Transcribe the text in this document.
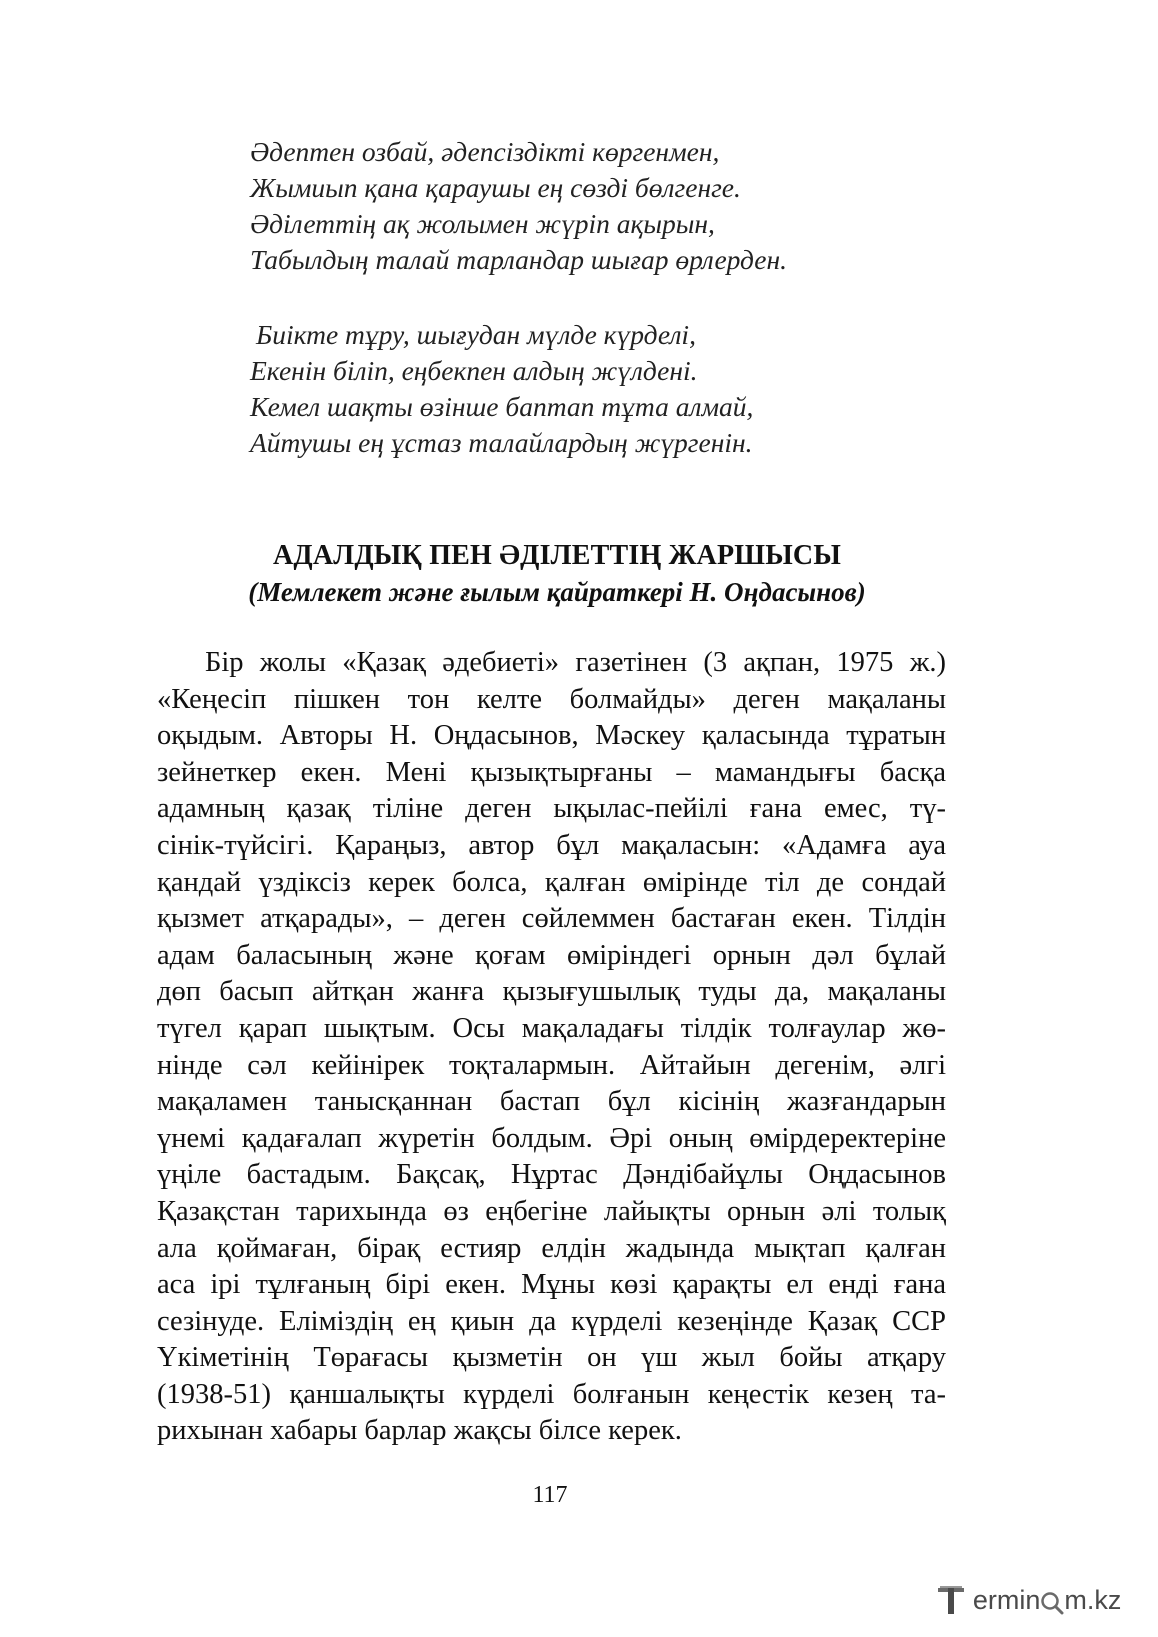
Әдептен озбай, әдепсіздікті көргенмен,
Жымиып қана қараушы ең сөзді бөлгенге.
Әділеттің ақ жолымен жүріп ақырын,
Табылдың талай тарландар шығар өрлерден.
Биікте тұру, шығудан мүлде күрделі,
Екенін біліп, еңбекпен алдың жүлдені.
Кемел шақты өзінше баптап тұта алмай,
Айтушы ең ұстаз талайлардың жүргенін.
АДАЛДЫҚ ПЕН ӘДІЛЕТТІҢ ЖАРШЫСЫ
(Мемлекет және ғылым қайраткері Н. Оңдасынов)
Бір жолы «Қазақ әдебиеті» газетінен (3 ақпан, 1975 ж.)
«Кеңесіп пішкен тон келте болмайды» деген мақаланы
оқыдым. Авторы Н. Оңдасынов, Мәскеу қаласында тұратын
зейнеткер екен. Мені қызықтырғаны – мамандығы басқа
адамның қазақ тіліне деген ықылас-пейілі ғана емес, тү-
сінік-түйсігі. Қараңыз, автор бұл мақаласын: «Адамға ауа
қандай үздіксіз керек болса, қалған өмірінде тіл де сондай
қызмет атқарады», – деген сөйлеммен бастаған екен. Тілдін
адам баласының және қоғам өміріндегі орнын дәл бұлай
дөп басып айтқан жанға қызығушылық туды да, мақаланы
түгел қарап шықтым. Осы мақаладағы тілдік толғаулар жө-
нінде сәл кейінірек тоқталармын. Айтайын дегенім, әлгі
мақаламен танысқаннан бастап бұл кісінің жазғандарын
үнемі қадағалап жүретін болдым. Әрі оның өмірдеректеріне
үңіле бастадым. Бақсақ, Нұртас Дәндібайұлы Оңдасынов
Қазақстан тарихында өз еңбегіне лайықты орнын әлі толық
ала қоймаған, бірақ естияр елдін жадында мықтап қалған
аса ірі тұлғаның бірі екен. Мұны көзі қарақты ел енді ғана
сезінуде. Еліміздің ең қиын да күрделі кезеңінде Қазақ ССР
Үкіметінің Төрағасы қызметін он үш жыл бойы атқару
(1938-51) қаншалықты күрделі болғанын кеңестік кезең та-
рихынан хабары барлар жақсы білсе керек.
117
ermin m.kz
